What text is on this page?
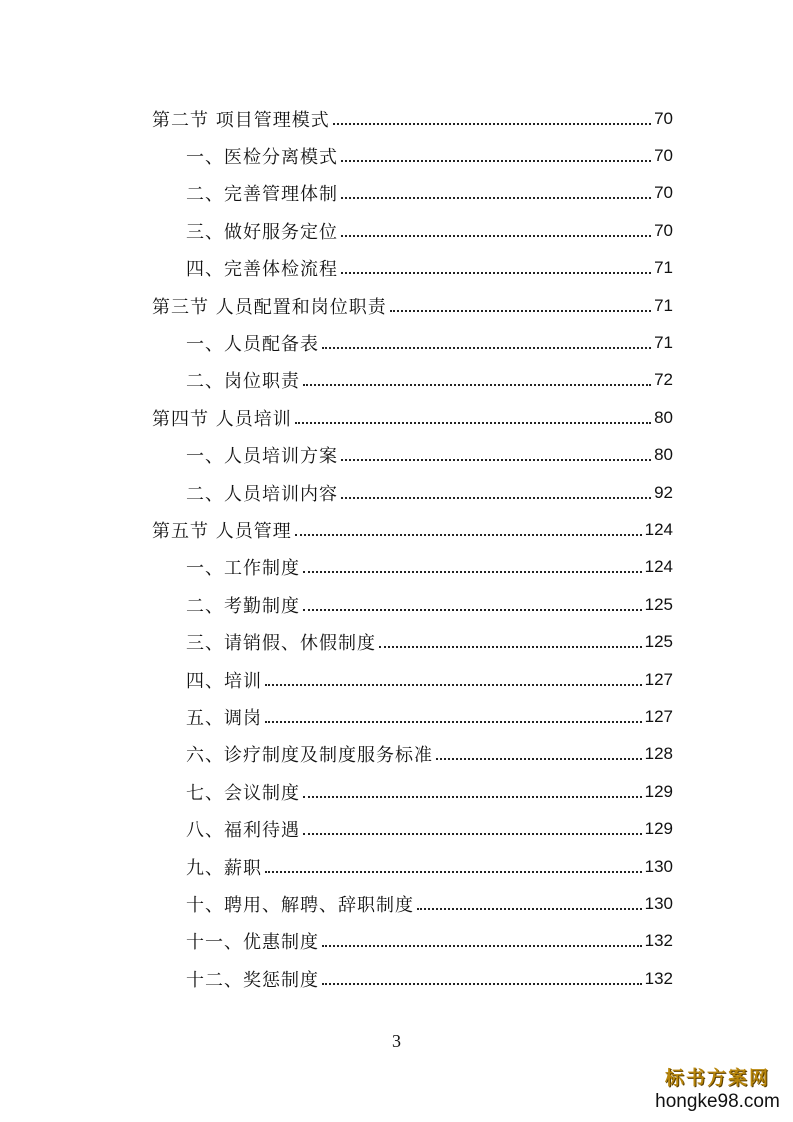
第二节 项目管理模式	70
一、医检分离模式	70
二、完善管理体制	70
三、做好服务定位	70
四、完善体检流程	71
第三节 人员配置和岗位职责	71
一、人员配备表	71
二、岗位职责	72
第四节 人员培训	80
一、人员培训方案	80
二、人员培训内容	92
第五节 人员管理	124
一、工作制度	124
二、考勤制度	125
三、请销假、休假制度	125
四、培训	127
五、调岗	127
六、诊疗制度及制度服务标准	128
七、会议制度	129
八、福利待遇	129
九、薪职	130
十、聘用、解聘、辞职制度	130
十一、优惠制度	132
十二、奖惩制度	132
3
标书方案网
hongke98.com
